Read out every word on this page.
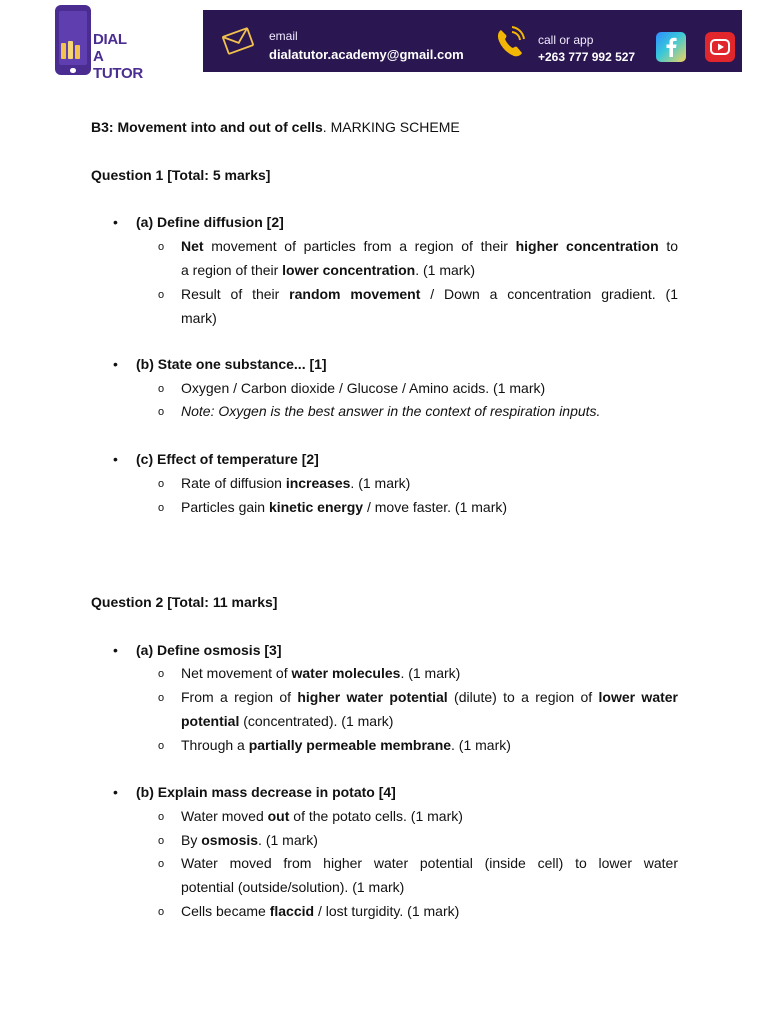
DIAL
A
TUTOR
email
dialatutor.academy@gmail.com
call or app
+263 777 992 527
B3: Movement into and out of cells. MARKING SCHEME
Question 1 [Total: 5 marks]
• (a) Define diffusion [2]
o Net movement of particles from a region of their higher concentration to
a region of their lower concentration. (1 mark)
o Result of their random movement / Down a concentration gradient. (1
mark)
• (b) State one substance... [1]
o Oxygen / Carbon dioxide / Glucose / Amino acids. (1 mark)
o Note: Oxygen is the best answer in the context of respiration inputs.
• (c) Effect of temperature [2]
o Rate of diffusion increases. (1 mark)
o Particles gain kinetic energy / move faster. (1 mark)
Question 2 [Total: 11 marks]
• (a) Define osmosis [3]
o Net movement of water molecules. (1 mark)
o From a region of higher water potential (dilute) to a region of lower water
potential (concentrated). (1 mark)
o Through a partially permeable membrane. (1 mark)
• (b) Explain mass decrease in potato [4]
o Water moved out of the potato cells. (1 mark)
o By osmosis. (1 mark)
o Water moved from higher water potential (inside cell) to lower water
potential (outside/solution). (1 mark)
o Cells became flaccid / lost turgidity. (1 mark)
